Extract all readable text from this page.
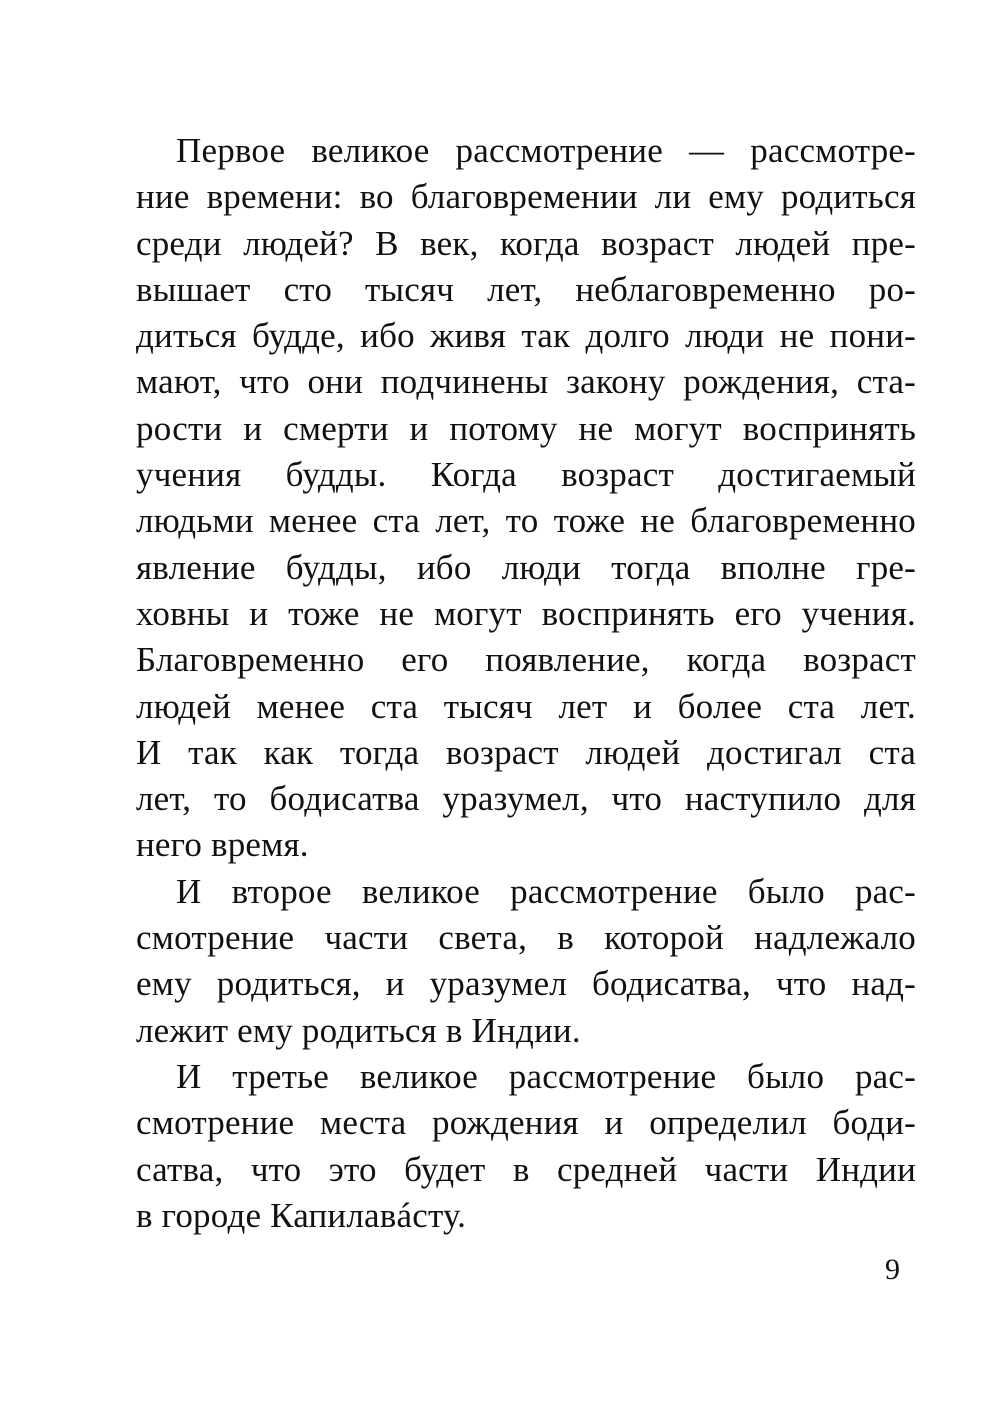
Первое великое рассмотрение — рассмотре-
ние времени: во благовремении ли ему родиться
среди людей? В век, когда возраст людей пре-
вышает сто тысяч лет, неблаговременно ро-
диться будде, ибо живя так долго люди не пони-
мают, что они подчинены закону рождения, ста-
рости и смерти и потому не могут воспринять
учения будды. Когда возраст достигаемый
людьми менее ста лет, то тоже не благовременно
явление будды, ибо люди тогда вполне гре-
ховны и тоже не могут воспринять его учения.
Благовременно его появление, когда возраст
людей менее ста тысяч лет и более ста лет.
И так как тогда возраст людей достигал ста
лет, то бодисатва уразумел, что наступило для
него время.
И второе великое рассмотрение было рас-
смотрение части света, в которой надлежало
ему родиться, и уразумел бодисатва, что над-
лежит ему родиться в Индии.
И третье великое рассмотрение было рас-
смотрение места рождения и определил боди-
сатва, что это будет в средней части Индии
в городе Капилавáсту.
9
